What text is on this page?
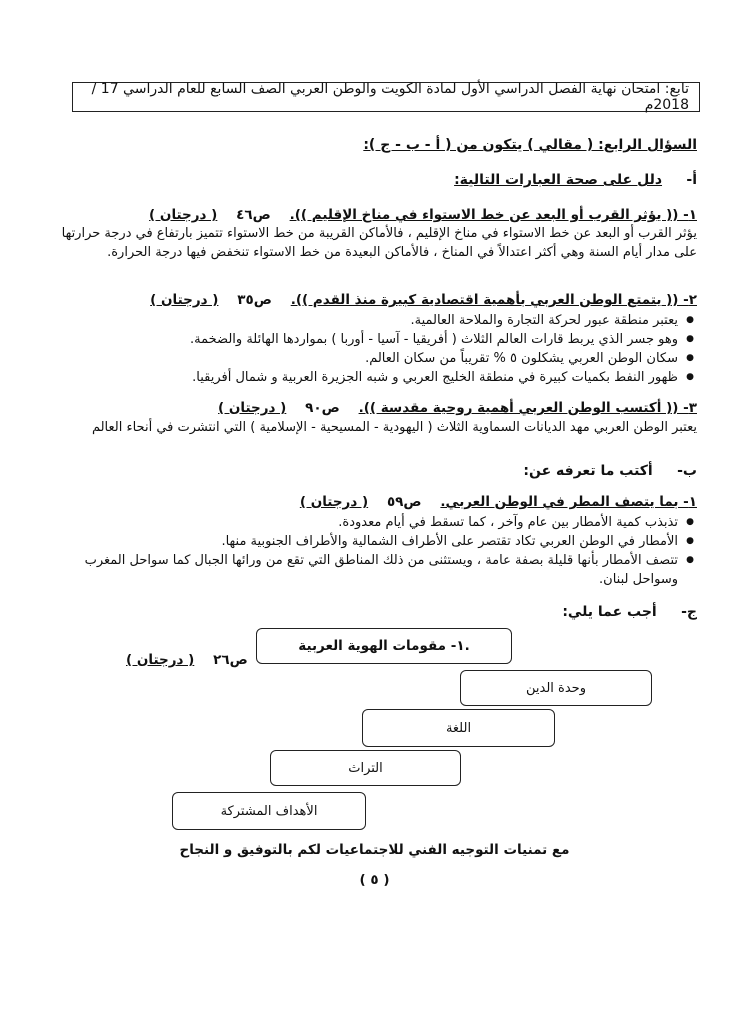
تابع: امتحان نهاية الفصل الدراسي الأول لمادة الكويت والوطن العربي الصف السابع للعام الدراسي 17 / 2018م
السؤال الرابع: ( مقالي ) يتكون من ( أ - ب - ج ):
أ-     دلل على صحة العبارات التالية:
١- (( يؤثر القرب أو البعد عن خط الاستواء في مناخ الإقليم )).    ص٤٦    ( درجتان )
يؤثر القرب أو البعد عن خط الاستواء في مناخ الإقليم ، فالأماكن القريبة من خط الاستواء تتميز بارتفاع في درجة حرارتها على مدار أيام السنة وهي أكثر اعتدالاً في المناخ ، فالأماكن البعيدة من خط الاستواء تنخفض فيها درجة الحرارة.
٢- (( يتمتع الوطن العربي بأهمية اقتصادية كبيرة منذ القدم )).    ص٣٥    ( درجتان )
● يعتبر منطقة عبور لحركة التجارة والملاحة العالمية.
● وهو جسر الذي يربط قارات العالم الثلاث ( أفريقيا - آسيا - أوربا ) بمواردها الهائلة والضخمة.
● سكان الوطن العربي يشكلون ٥ % تقريباً من سكان العالم.
● ظهور النفط بكميات كبيرة في منطقة الخليج العربي و شبه الجزيرة العربية و شمال أفريقيا.
٣- (( أكتسب الوطن العربي أهمية روحية مقدسة )).    ص٩٠    ( درجتان )
يعتبر الوطن العربي مهد الديانات السماوية الثلاث ( اليهودية - المسيحية - الإسلامية ) التي انتشرت في أنحاء العالم
ب-     أكتب ما تعرفه عن:
١- بما يتصف المطر في الوطن العربي.    ص٥٩    ( درجتان )
● تذبذب كمية الأمطار بين عام وآخر ، كما تسقط في أيام معدودة.
● الأمطار في الوطن العربي تكاد تقتصر على الأطراف الشمالية والأطراف الجنوبية منها.
● تتصف الأمطار بأنها قليلة بصفة عامة ، ويستثنى من ذلك المناطق التي تقع من ورائها الجبال كما سواحل المغرب وسواحل لبنان.
ج-     أجب عما يلي:
١- مقومات الهوية العربية.
ص٢٦    ( درجتان )
وحدة الدين
اللغة
التراث
الأهداف المشتركة
مع تمنيات التوجيه الفني للاجتماعيات لكم بالتوفيق و النجاح
( ٥ )
